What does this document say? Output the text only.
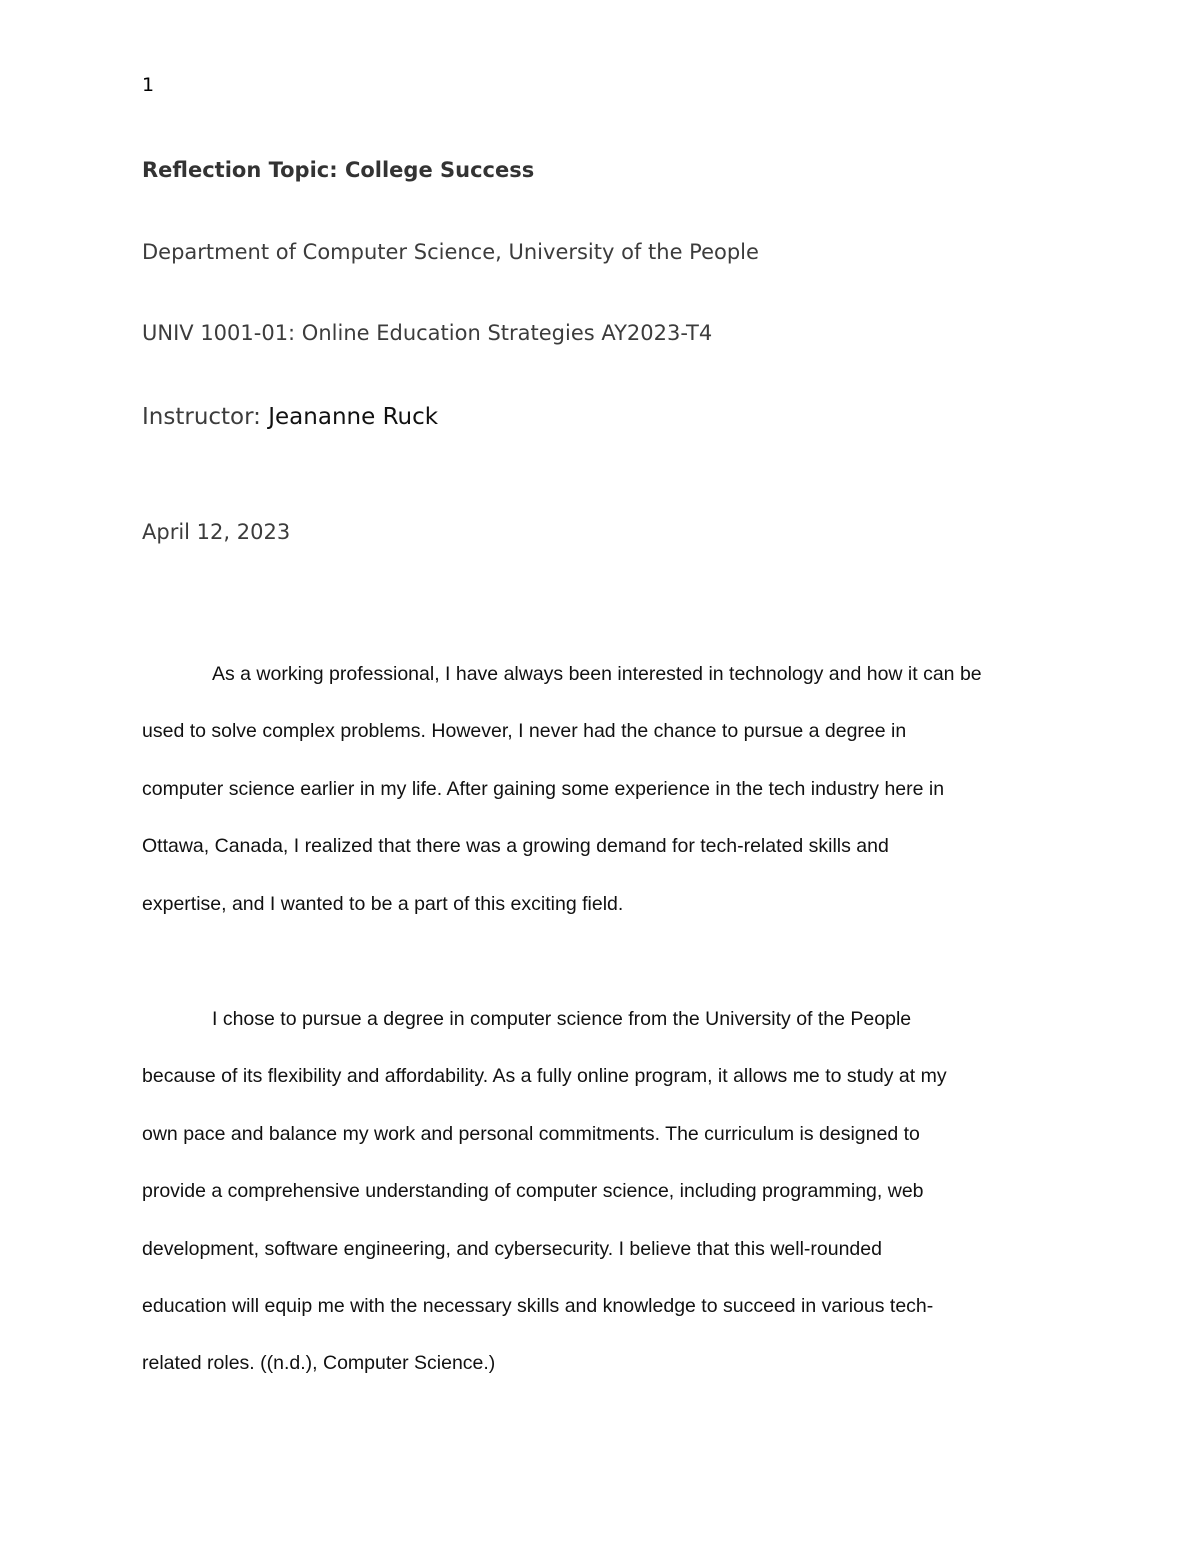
1
Reflection Topic: College Success
Department of Computer Science, University of the People
UNIV 1001-01: Online Education Strategies AY2023-T4
Instructor: Jeananne Ruck
April 12, 2023
As a working professional, I have always been interested in technology and how it can be
used to solve complex problems. However, I never had the chance to pursue a degree in
computer science earlier in my life. After gaining some experience in the tech industry here in
Ottawa, Canada, I realized that there was a growing demand for tech-related skills and
expertise, and I wanted to be a part of this exciting field.
I chose to pursue a degree in computer science from the University of the People
because of its flexibility and affordability. As a fully online program, it allows me to study at my
own pace and balance my work and personal commitments. The curriculum is designed to
provide a comprehensive understanding of computer science, including programming, web
development, software engineering, and cybersecurity. I believe that this well-rounded
education will equip me with the necessary skills and knowledge to succeed in various tech-
related roles. ((n.d.), Computer Science.)
